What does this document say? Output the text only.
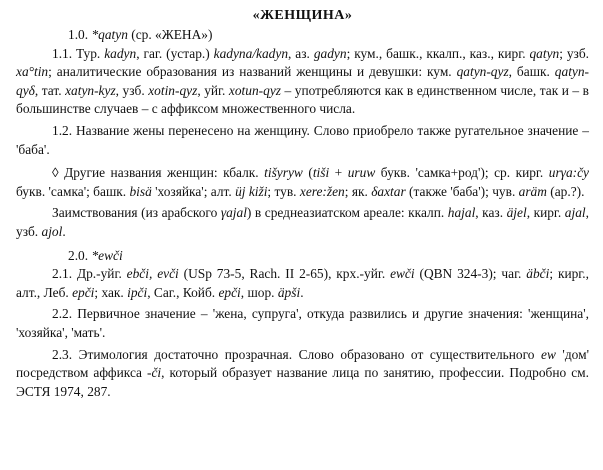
«ЖЕНЩИНА»

1.0. *qatyn (ср. «ЖЕНА»)

1.1. Тур. kadyn, гаг. (устар.) kadyna/kadyn, аз. gadyn; кум., башк., ккалп., каз., кирг. qatyn; узб. xa°tin; аналитические образования из названий женщины и девушки: кум. qatyn-qyz, башк. qatyn-qyδ, тат. xatyn-kyz, узб. xotin-qyz, уйг. xotun-qyz – употребляются как в единственном числе, так и – в большинстве случаев – с аффиксом множественного числа.

1.2. Название жены перенесено на женщину. Слово приобрело также ругательное значение – 'баба'.

◊ Другие названия женщин: кбалк. tišyryw (tiši + uruw букв. 'самка+род'); ср. кирг. urγa:čy букв. 'самка'; башк. bisä 'хозяйка'; алт. üj kiži; тув. xere:žen; як. δaxtar (также 'баба'); чув. aräm (ар.?).

Заимствования (из арабского γajal) в среднеазиатском ареале: ккалп. hajal, каз. äjel, кирг. ajal, узб. ajol.

2.0. *ewči

2.1. Др.-уйг. ebči, evči (USp 73-5, Rach. II 2-65), крх.-уйг. ewči (QBN 324-3); чаг. äbči; кирг., алт., Леб. epči; хак. ipči, Саг., Койб. epči, шор. äpši.

2.2. Первичное значение – 'жена, супруга', откуда развились и другие значения: 'женщина', 'хозяйка', 'мать'.

2.3. Этимология достаточно прозрачная. Слово образовано от существительного ew 'дом' посредством аффикса -či, который образует название лица по занятию, профессии. Подробно см. ЭСТЯ 1974, 287.
